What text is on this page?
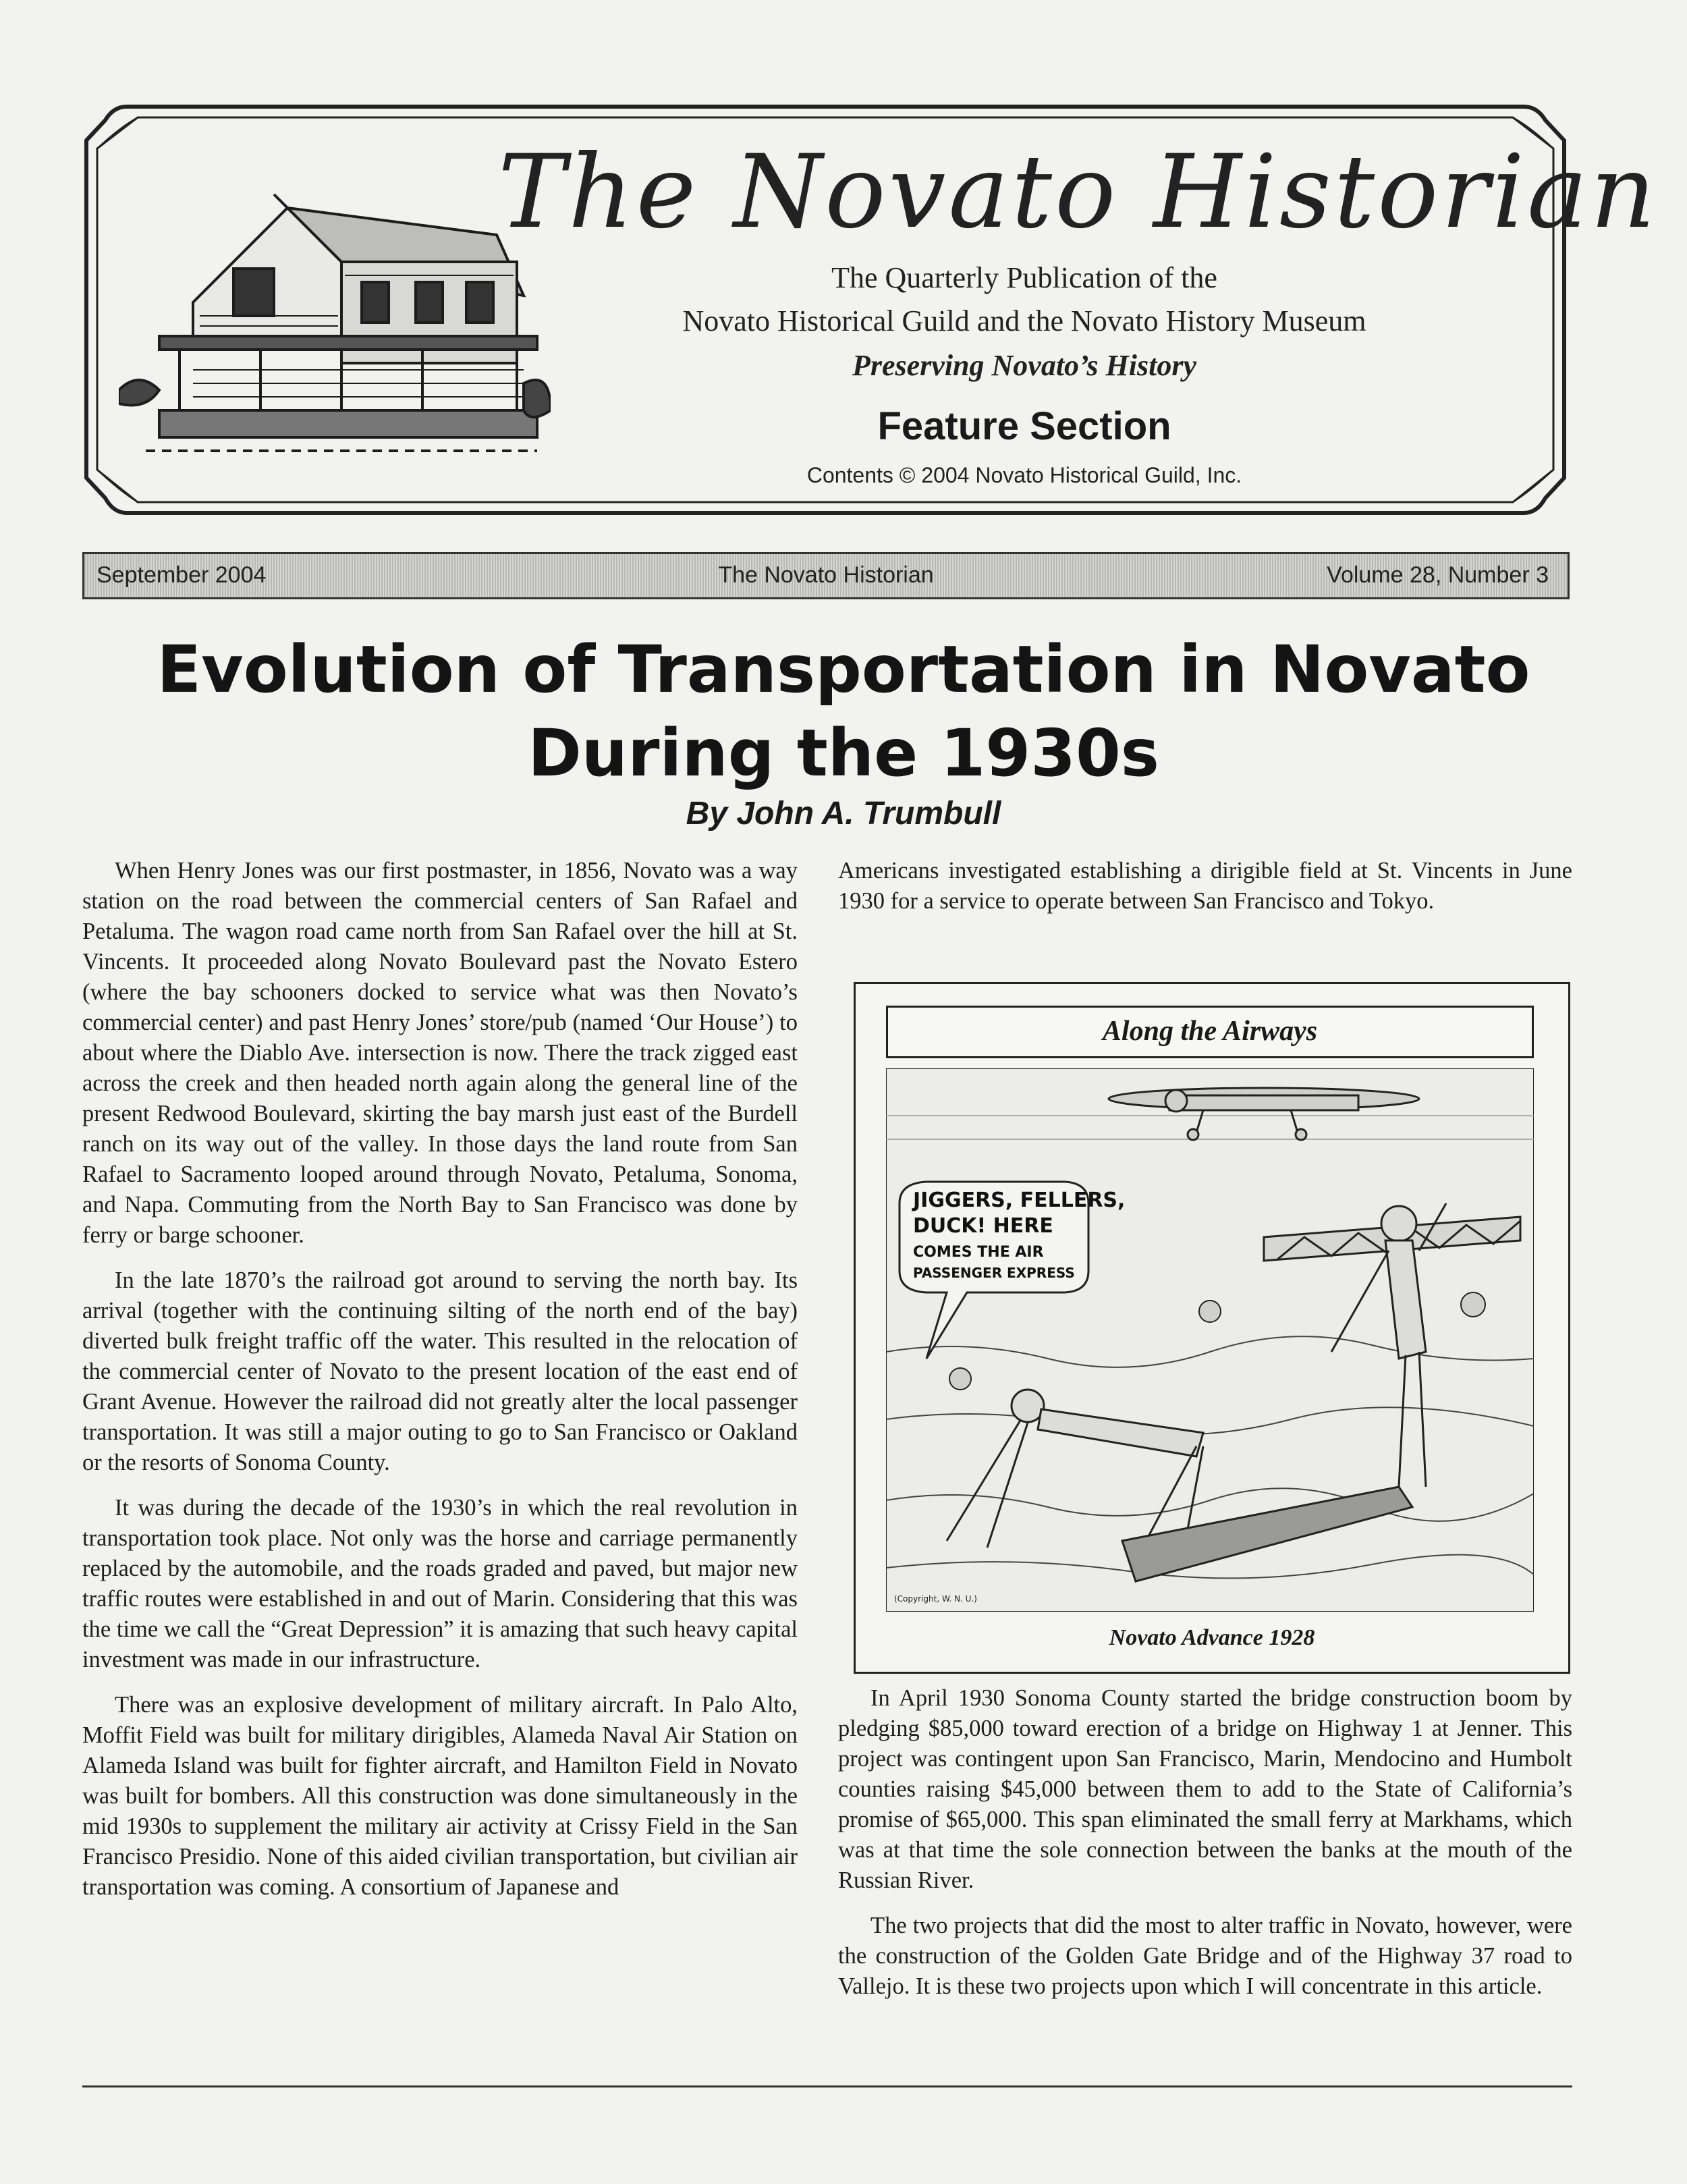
The Novato Historian
The Quarterly Publication of the
Novato Historical Guild and the Novato History Museum
Preserving Novato’s History
Feature Section
Contents © 2004 Novato Historical Guild, Inc.
The Novato Historian
September 2004	Volume 28, Number 3
Evolution of Transportation in Novato
During the 1930s
By John A. Trumbull

When Henry Jones was our first postmaster, in 1856, Novato was a way station on the road between the commercial centers of San Rafael and Petaluma. The wagon road came north from San Rafael over the hill at St. Vincents. It proceeded along Novato Boulevard past the Novato Estero (where the bay schooners docked to service what was then Novato’s commercial center) and past Henry Jones’ store/pub (named ‘Our House’) to about where the Diablo Ave. intersection is now. There the track zigged east across the creek and then headed north again along the general line of the present Redwood Boulevard, skirting the bay marsh just east of the Burdell ranch on its way out of the valley. In those days the land route from San Rafael to Sacramento looped around through Novato, Petaluma, Sonoma, and Napa. Commuting from the North Bay to San Francisco was done by ferry or barge schooner.

In the late 1870’s the railroad got around to serving the north bay. Its arrival (together with the continuing silting of the north end of the bay) diverted bulk freight traffic off the water. This resulted in the relocation of the commercial center of Novato to the present location of the east end of Grant Avenue. However the railroad did not greatly alter the local passenger transportation. It was still a major outing to go to San Francisco or Oakland or the resorts of Sonoma County.

It was during the decade of the 1930’s in which the real revolution in transportation took place. Not only was the horse and carriage permanently replaced by the automobile, and the roads graded and paved, but major new traffic routes were established in and out of Marin. Considering that this was the time we call the “Great Depression” it is amazing that such heavy capital investment was made in our infrastructure.

There was an explosive development of military aircraft. In Palo Alto, Moffit Field was built for military dirigibles, Alameda Naval Air Station on Alameda Island was built for fighter aircraft, and Hamilton Field in Novato was built for bombers. All this construction was done simultaneously in the mid 1930s to supplement the military air activity at Crissy Field in the San Francisco Presidio. None of this aided civilian transportation, but civilian air transportation was coming. A consortium of Japanese and

Americans investigated establishing a dirigible field at St. Vincents in June 1930 for a service to operate between San Francisco and Tokyo.

Along the Airways
JIGGERS, FELLERS,
DUCK! HERE
COMES THE AIR
PASSENGER EXPRESS
(Copyright, W. N. U.)
Novato Advance 1928

In April 1930 Sonoma County started the bridge construction boom by pledging $85,000 toward erection of a bridge on Highway 1 at Jenner. This project was contingent upon San Francisco, Marin, Mendocino and Humbolt counties raising $45,000 between them to add to the State of California’s promise of $65,000. This span eliminated the small ferry at Markhams, which was at that time the sole connection between the banks at the mouth of the Russian River.

The two projects that did the most to alter traffic in Novato, however, were the construction of the Golden Gate Bridge and of the Highway 37 road to Vallejo. It is these two projects upon which I will concentrate in this article.
